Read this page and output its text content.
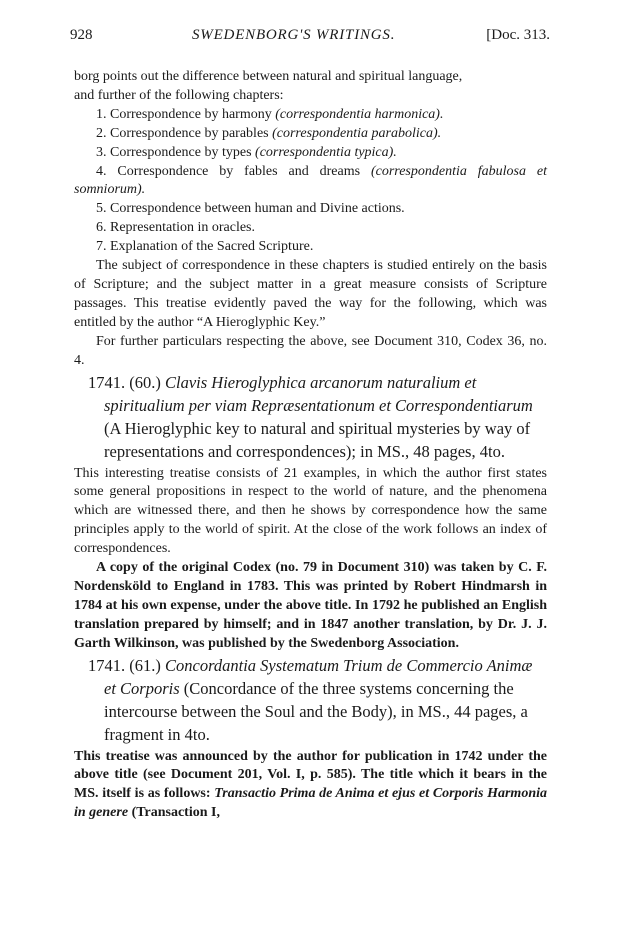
928	SWEDENBORG'S WRITINGS.	[Doc. 313.

borg points out the difference between natural and spiritual language,

and further of the following chapters:

1. Correspondence by harmony (correspondentia harmonica).

2. Correspondence by parables (correspondentia parabolica).

3. Correspondence by types (correspondentia typica).

4. Correspondence by fables and dreams (correspondentia fabulosa et somniorum).

5. Correspondence between human and Divine actions.

6. Representation in oracles.

7. Explanation of the Sacred Scripture.

The subject of correspondence in these chapters is studied entirely on the basis of Scripture; and the subject matter in a great measure consists of Scripture passages. This treatise evidently paved the way for the following, which was entitled by the author “A Hieroglyphic Key.”

For further particulars respecting the above, see Document 310, Codex 36, no. 4.

1741. (60.) Clavis Hieroglyphica arcanorum naturalium et spiritualium per viam Repræsentationum et Correspondentiarum (A Hieroglyphic key to natural and spiritual mysteries by way of representations and correspondences); in MS., 48 pages, 4to.

This interesting treatise consists of 21 examples, in which the author first states some general propositions in respect to the world of nature, and the phenomena which are witnessed there, and then he shows by correspondence how the same principles apply to the world of spirit. At the close of the work follows an index of correspondences.

A copy of the original Codex (no. 79 in Document 310) was taken by C. F. Nordensköld to England in 1783. This was printed by Robert Hindmarsh in 1784 at his own expense, under the above title. In 1792 he published an English translation prepared by himself; and in 1847 another translation, by Dr. J. J. Garth Wilkinson, was published by the Swedenborg Association.

1741. (61.) Concordantia Systematum Trium de Commercio Animæ et Corporis (Concordance of the three systems concerning the intercourse between the Soul and the Body), in MS., 44 pages, a fragment in 4to.

This treatise was announced by the author for publication in 1742 under the above title (see Document 201, Vol. I, p. 585). The title which it bears in the MS. itself is as follows: Transactio Prima de Anima et ejus et Corporis Harmonia in genere (Transaction I,
